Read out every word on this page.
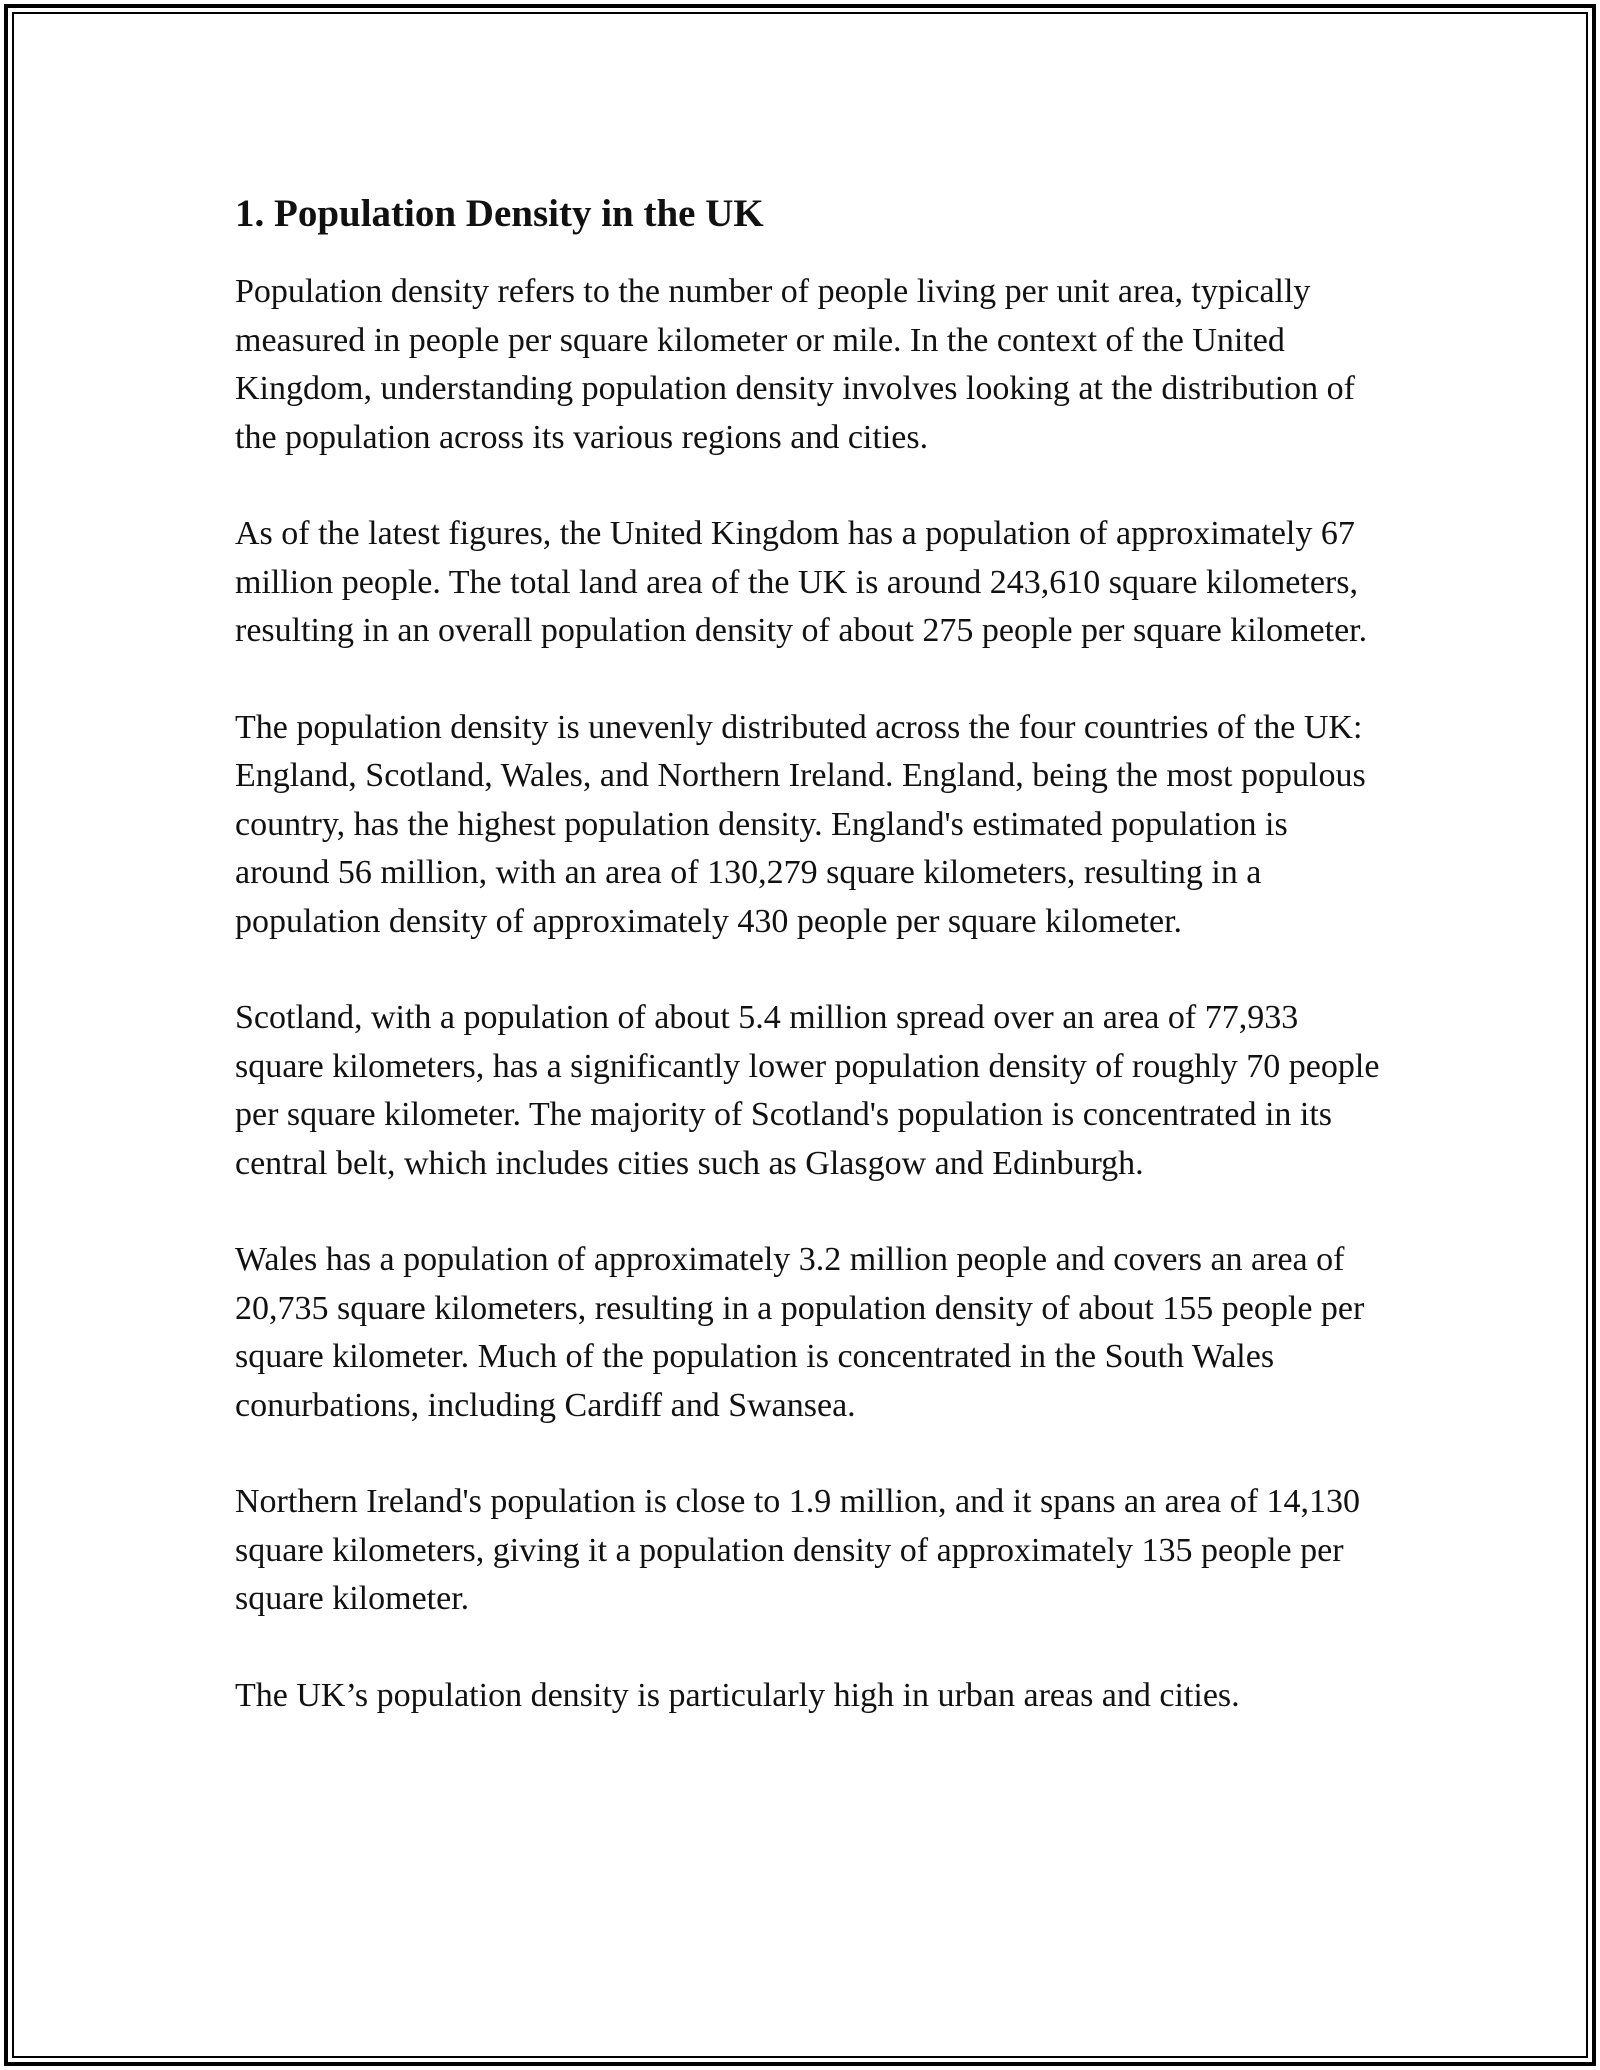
1. Population Density in the UK

Population density refers to the number of people living per unit area, typically measured in people per square kilometer or mile. In the context of the United Kingdom, understanding population density involves looking at the distribution of the population across its various regions and cities.

As of the latest figures, the United Kingdom has a population of approximately 67 million people. The total land area of the UK is around 243,610 square kilometers, resulting in an overall population density of about 275 people per square kilometer.

The population density is unevenly distributed across the four countries of the UK: England, Scotland, Wales, and Northern Ireland. England, being the most populous country, has the highest population density. England's estimated population is around 56 million, with an area of 130,279 square kilometers, resulting in a population density of approximately 430 people per square kilometer.

Scotland, with a population of about 5.4 million spread over an area of 77,933 square kilometers, has a significantly lower population density of roughly 70 people per square kilometer. The majority of Scotland's population is concentrated in its central belt, which includes cities such as Glasgow and Edinburgh.

Wales has a population of approximately 3.2 million people and covers an area of 20,735 square kilometers, resulting in a population density of about 155 people per square kilometer. Much of the population is concentrated in the South Wales conurbations, including Cardiff and Swansea.

Northern Ireland's population is close to 1.9 million, and it spans an area of 14,130 square kilometers, giving it a population density of approximately 135 people per square kilometer.

The UK’s population density is particularly high in urban areas and cities.
